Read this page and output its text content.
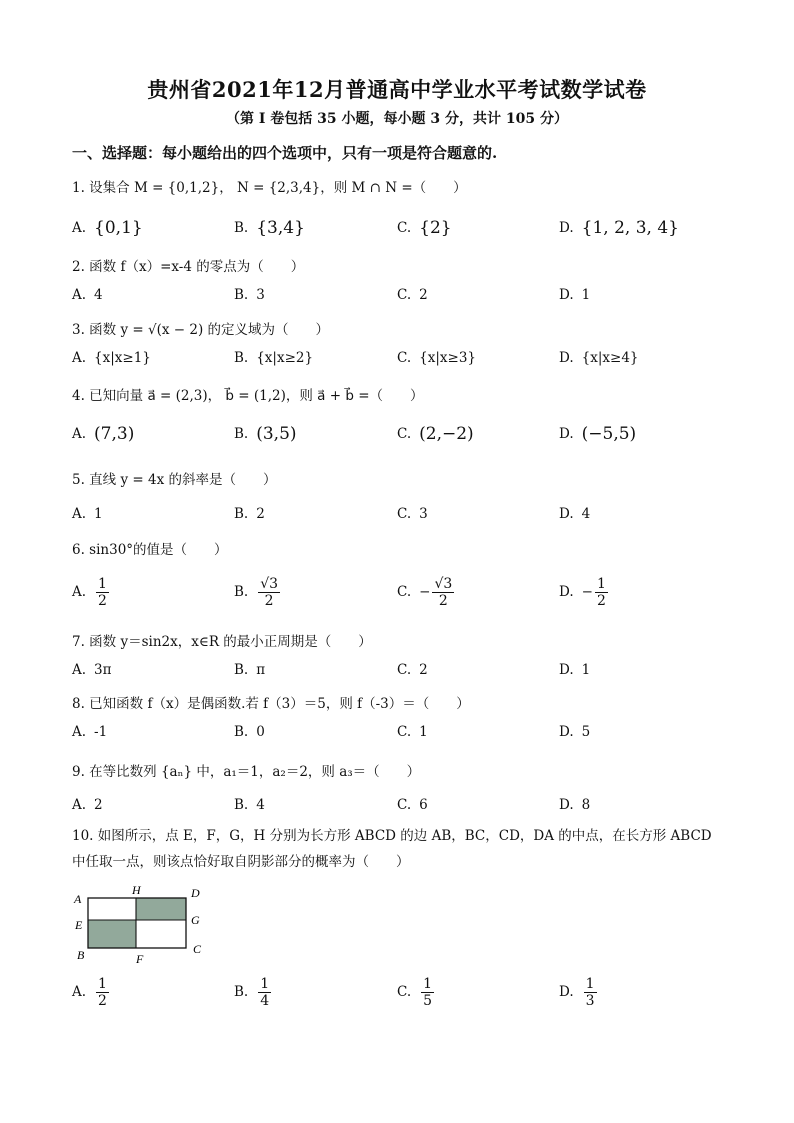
贵州省2021年12月普通高中学业水平考试数学试卷
（第 I 卷包括 35 小题，每小题 3 分，共计 105 分）
一、选择题：每小题给出的四个选项中，只有一项是符合题意的.
1. 设集合 M = {0,1,2}， N = {2,3,4}，则 M ∩ N =（　　）
A. {0,1}	B. {3,4}	C. {2}	D. {1, 2, 3, 4}
2. 函数 f（x）=x-4 的零点为（　　）
A. 4	B. 3	C. 2	D. 1
3. 函数 y = √(x − 2) 的定义域为（　　）
A. {x|x≥1}	B. {x|x≥2}	C. {x|x≥3}	D. {x|x≥4}
4. 已知向量 a⃗ = (2,3)， b⃗ = (1,2)，则 a⃗ + b⃗ =（　　）
A. (7,3)	B. (3,5)	C. (2,−2)	D. (−5,5)
5. 直线 y = 4x 的斜率是（　　）
A. 1	B. 2	C. 3	D. 4
6. sin30°的值是（　　）
A. $\frac{1}{2}$	B. $\frac{√3}{2}$	C. − $\frac{√3}{2}$	D. − $\frac{1}{2}$
7. 函数 y＝sin2x，x∈R 的最小正周期是（　　）
A. 3π	B. π	C. 2	D. 1
8. 已知函数 f（x）是偶函数.若 f（3）＝5，则 f（-3）＝（　　）
A. -1	B. 0	C. 1	D. 5
9. 在等比数列 {aₙ} 中，a₁＝1，a₂＝2，则 a₃＝（　　）
A. 2	B. 4	C. 6	D. 8
10. 如图所示，点 E，F，G，H 分别为长方形 ABCD 的边 AB，BC，CD，DA 的中点，在长方形 ABCD 中任取一点，则该点恰好取自阴影部分的概率为（　　）
A
H	D
E	G
B	F
C
A. $\frac{1}{2}$	B. $\frac{1}{4}$	C. $\frac{1}{5}$	D. $\frac{1}{3}$
